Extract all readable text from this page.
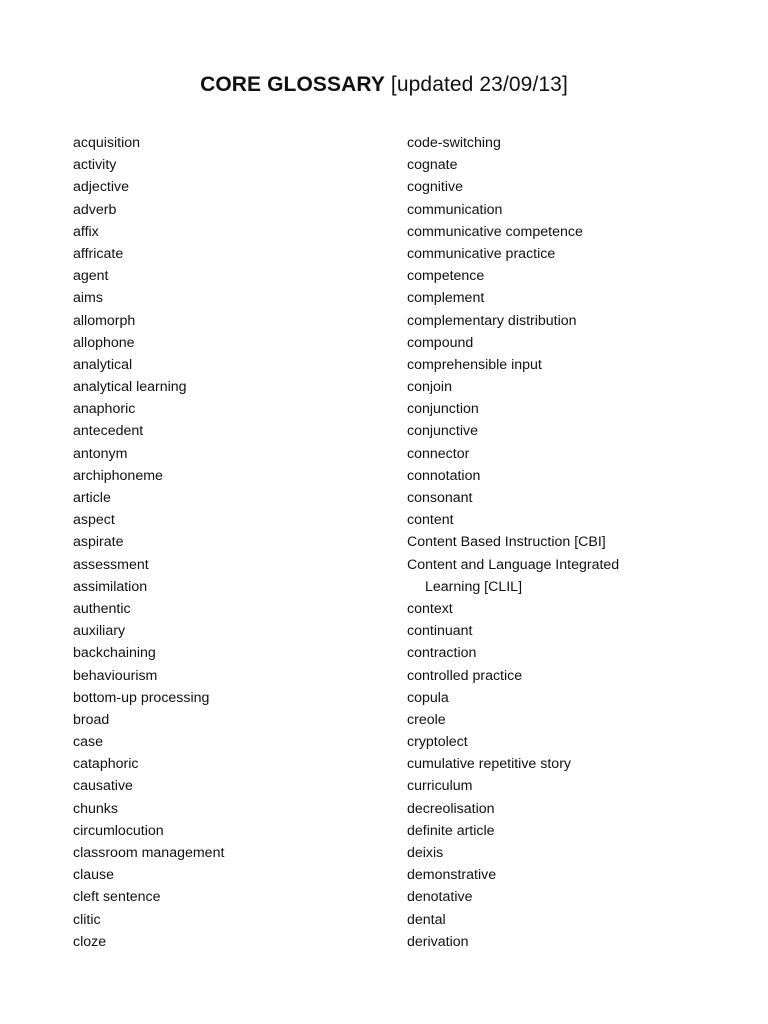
CORE GLOSSARY [updated 23/09/13]
acquisition
activity
adjective
adverb
affix
affricate
agent
aims
allomorph
allophone
analytical
analytical learning
anaphoric
antecedent
antonym
archiphoneme
article
aspect
aspirate
assessment
assimilation
authentic
auxiliary
backchaining
behaviourism
bottom-up processing
broad
case
cataphoric
causative
chunks
circumlocution
classroom management
clause
cleft sentence
clitic
cloze
code-switching
cognate
cognitive
communication
communicative competence
communicative practice
competence
complement
complementary distribution
compound
comprehensible input
conjoin
conjunction
conjunctive
connector
connotation
consonant
content
Content Based Instruction [CBI]
Content and Language Integrated
Learning [CLIL]
context
continuant
contraction
controlled practice
copula
creole
cryptolect
cumulative repetitive story
curriculum
decreolisation
definite article
deixis
demonstrative
denotative
dental
derivation
